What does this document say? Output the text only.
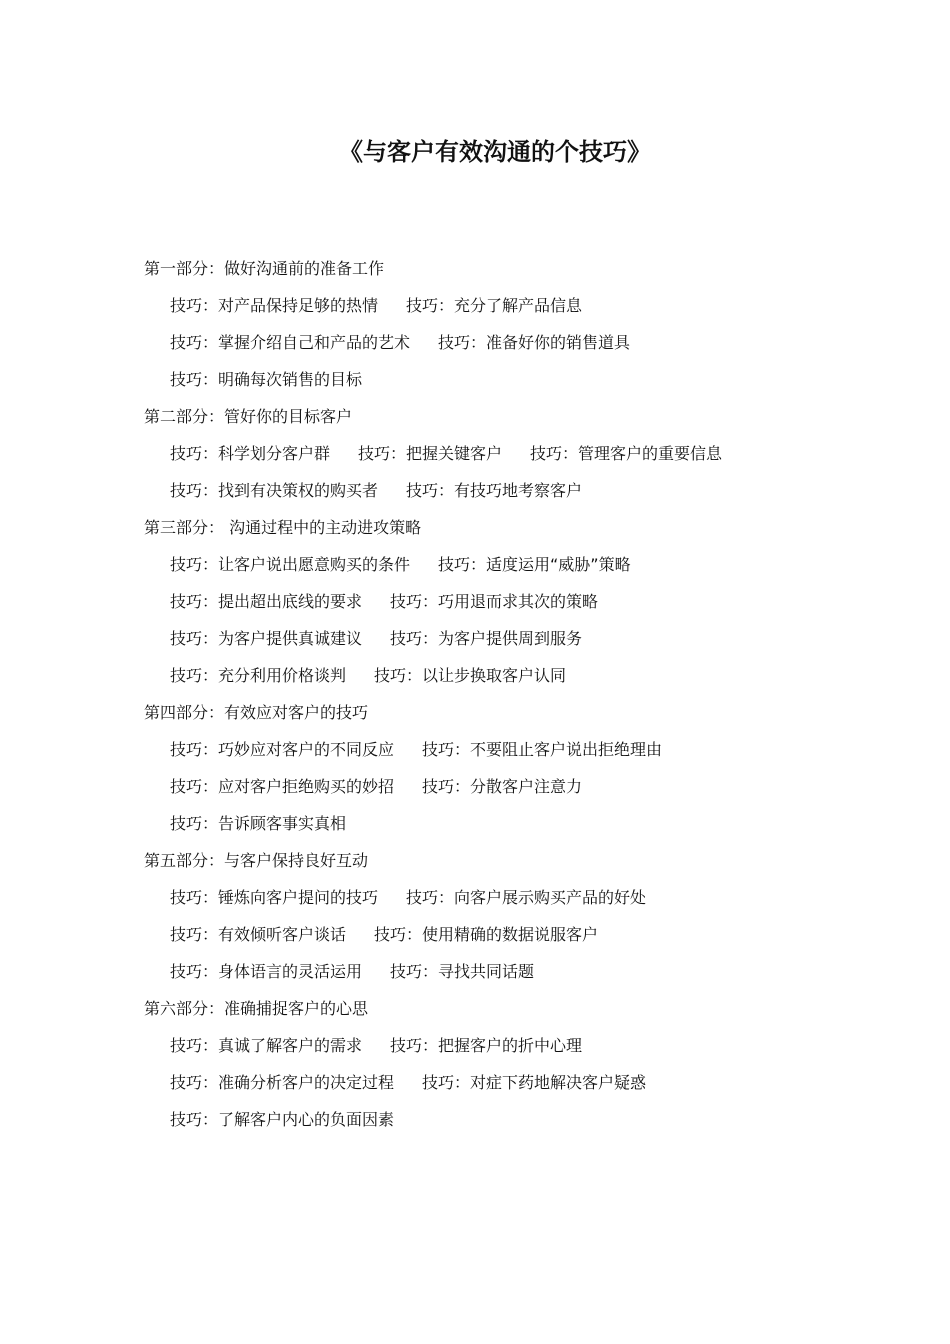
《与客户有效沟通的个技巧》
第一部分：做好沟通前的准备工作
技巧：对产品保持足够的热情 技巧：充分了解产品信息
技巧：掌握介绍自己和产品的艺术 技巧：准备好你的销售道具
技巧：明确每次销售的目标
第二部分：管好你的目标客户
技巧：科学划分客户群 技巧：把握关键客户 技巧：管理客户的重要信息
技巧：找到有决策权的购买者 技巧：有技巧地考察客户
第三部分： 沟通过程中的主动进攻策略
技巧：让客户说出愿意购买的条件 技巧：适度运用“威胁”策略
技巧：提出超出底线的要求 技巧：巧用退而求其次的策略
技巧：为客户提供真诚建议 技巧：为客户提供周到服务
技巧：充分利用价格谈判 技巧：以让步换取客户认同
第四部分：有效应对客户的技巧
技巧：巧妙应对客户的不同反应 技巧：不要阻止客户说出拒绝理由
技巧：应对客户拒绝购买的妙招 技巧：分散客户注意力
技巧：告诉顾客事实真相
第五部分：与客户保持良好互动
技巧：锤炼向客户提问的技巧 技巧：向客户展示购买产品的好处
技巧：有效倾听客户谈话 技巧：使用精确的数据说服客户
技巧：身体语言的灵活运用 技巧：寻找共同话题
第六部分：准确捕捉客户的心思
技巧：真诚了解客户的需求 技巧：把握客户的折中心理
技巧：准确分析客户的决定过程 技巧：对症下药地解决客户疑惑
技巧：了解客户内心的负面因素
